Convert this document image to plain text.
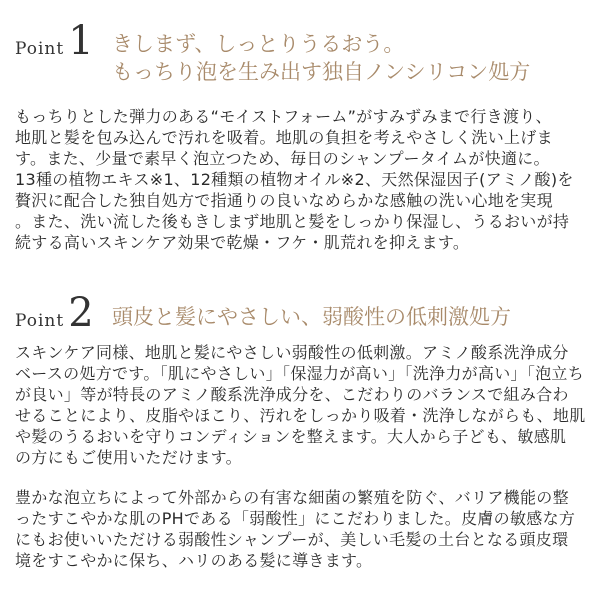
Point 1 きしまず、しっとりうるおう。
もっちり泡を生み出す独自ノンシリコン処方
もっちりとした弾力のある“モイストフォーム”がすみずみまで行き渡り、
地肌と髪を包み込んで汚れを吸着。地肌の負担を考えやさしく洗い上げま
す。また、少量で素早く泡立つため、毎日のシャンプータイムが快適に。
13種の植物エキス※1、12種類の植物オイル※2、天然保湿因子(アミノ酸)を
贅沢に配合した独自処方で指通りの良いなめらかな感触の洗い心地を実現
。また、洗い流した後もきしまず地肌と髪をしっかり保湿し、うるおいが持
続する高いスキンケア効果で乾燥・フケ・肌荒れを抑えます。
Point 2 頭皮と髪にやさしい、弱酸性の低刺激処方
スキンケア同様、地肌と髪にやさしい弱酸性の低刺激。アミノ酸系洗浄成分
ベースの処方です。「肌にやさしい」「保湿力が高い」「洗浄力が高い」「泡立ち
が良い」等が特長のアミノ酸系洗浄成分を、こだわりのバランスで組み合わ
せることにより、皮脂やほこり、汚れをしっかり吸着・洗浄しながらも、地肌
や髪のうるおいを守りコンディションを整えます。大人から子ども、敏感肌
の方にもご使用いただけます。
豊かな泡立ちによって外部からの有害な細菌の繁殖を防ぐ、バリア機能の整
ったすこやかな肌のPHである「弱酸性」にこだわりました。皮膚の敏感な方
にもお使いいただける弱酸性シャンプーが、美しい毛髪の土台となる頭皮環
境をすこやかに保ち、ハリのある髪に導きます。
